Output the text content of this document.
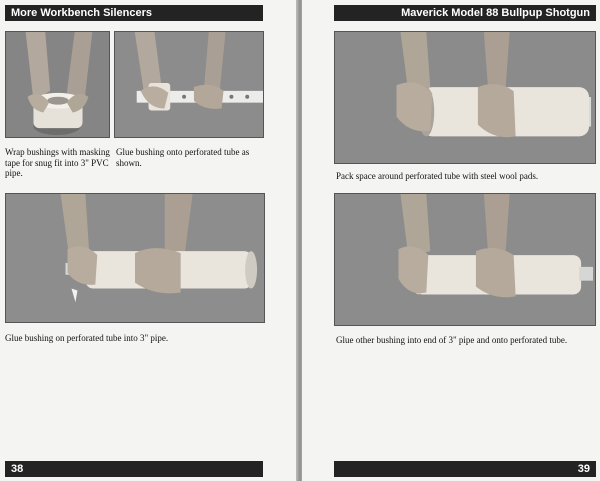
More Workbench Silencers
Wrap bushings with masking tape for snug fit into 3" PVC pipe.
Glue bushing onto perforated tube as shown.
Glue bushing on perforated tube into 3" pipe.
38
Maverick Model 88 Bullpup Shotgun
Pack space around perforated tube with steel wool pads.
Glue other bushing into end of 3" pipe and onto perforated tube.
39
